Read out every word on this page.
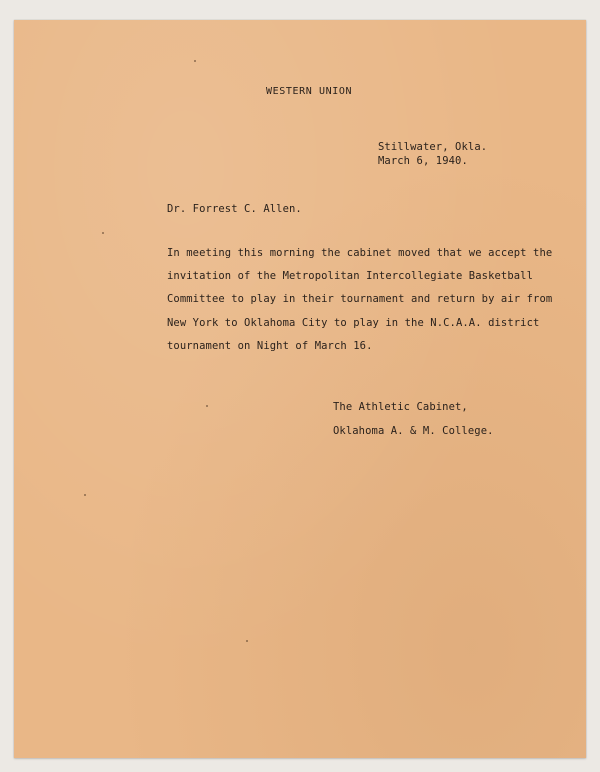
WESTERN UNION
Stillwater, Okla.
March 6, 1940.
Dr. Forrest C. Allen.
In meeting this morning the cabinet moved that we accept the
invitation of the Metropolitan Intercollegiate Basketball
Committee to play in their tournament and return by air from
New York to Oklahoma City to play in the N.C.A.A. district
tournament on Night of March 16.
The Athletic Cabinet,
Oklahoma A. & M. College.
